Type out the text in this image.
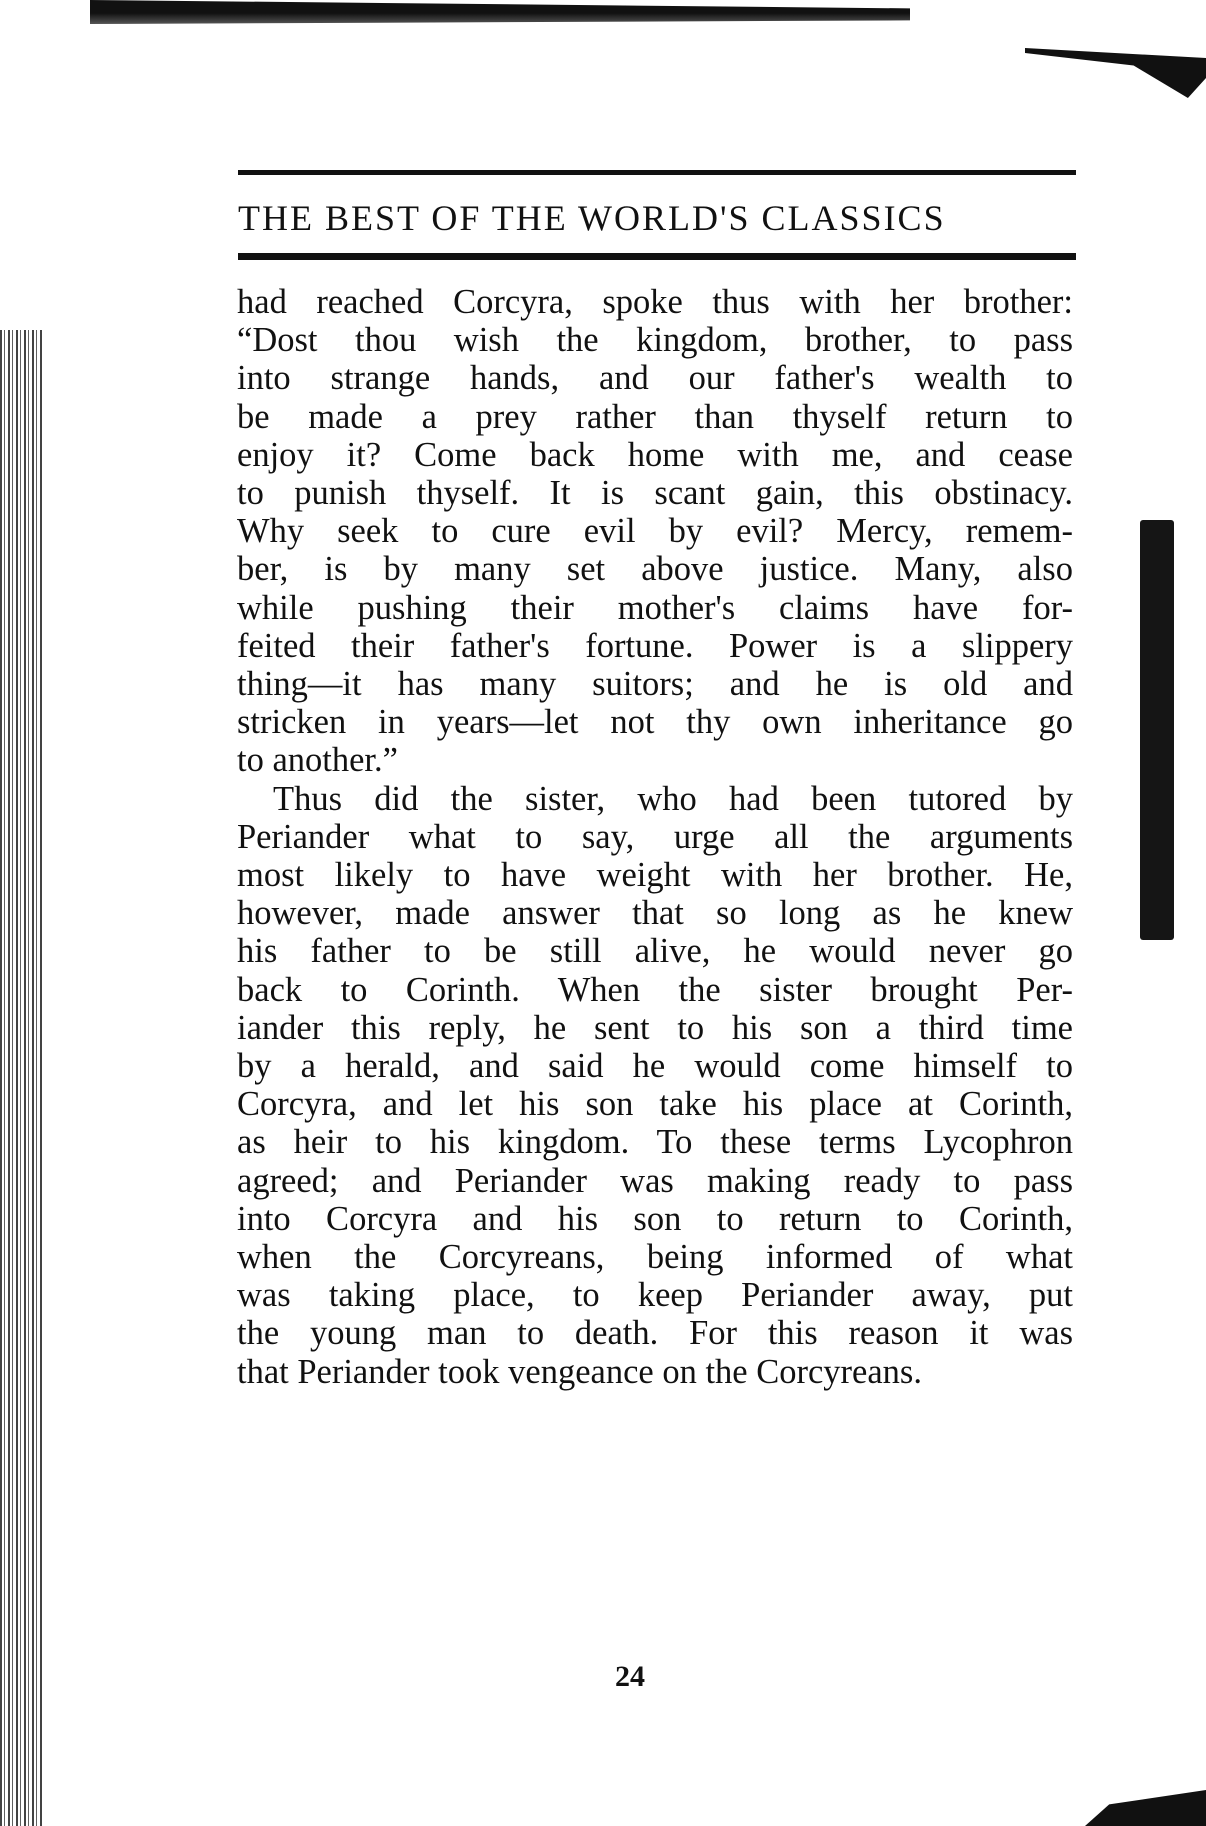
THE BEST OF THE WORLD'S CLASSICS
had reached Corcyra, spoke thus with her brother:
“Dost thou wish the kingdom, brother, to pass
into strange hands, and our father's wealth to
be made a prey rather than thyself return to
enjoy it? Come back home with me, and cease
to punish thyself. It is scant gain, this obstinacy.
Why seek to cure evil by evil? Mercy, remem-
ber, is by many set above justice. Many, also
while pushing their mother's claims have for-
feited their father's fortune. Power is a slippery
thing—it has many suitors; and he is old and
stricken in years—let not thy own inheritance go
to another.”
Thus did the sister, who had been tutored by
Periander what to say, urge all the arguments
most likely to have weight with her brother. He,
however, made answer that so long as he knew
his father to be still alive, he would never go
back to Corinth. When the sister brought Per-
iander this reply, he sent to his son a third time
by a herald, and said he would come himself to
Corcyra, and let his son take his place at Corinth,
as heir to his kingdom. To these terms Lycophron
agreed; and Periander was making ready to pass
into Corcyra and his son to return to Corinth,
when the Corcyreans, being informed of what
was taking place, to keep Periander away, put
the young man to death. For this reason it was
that Periander took vengeance on the Corcyreans.
24
